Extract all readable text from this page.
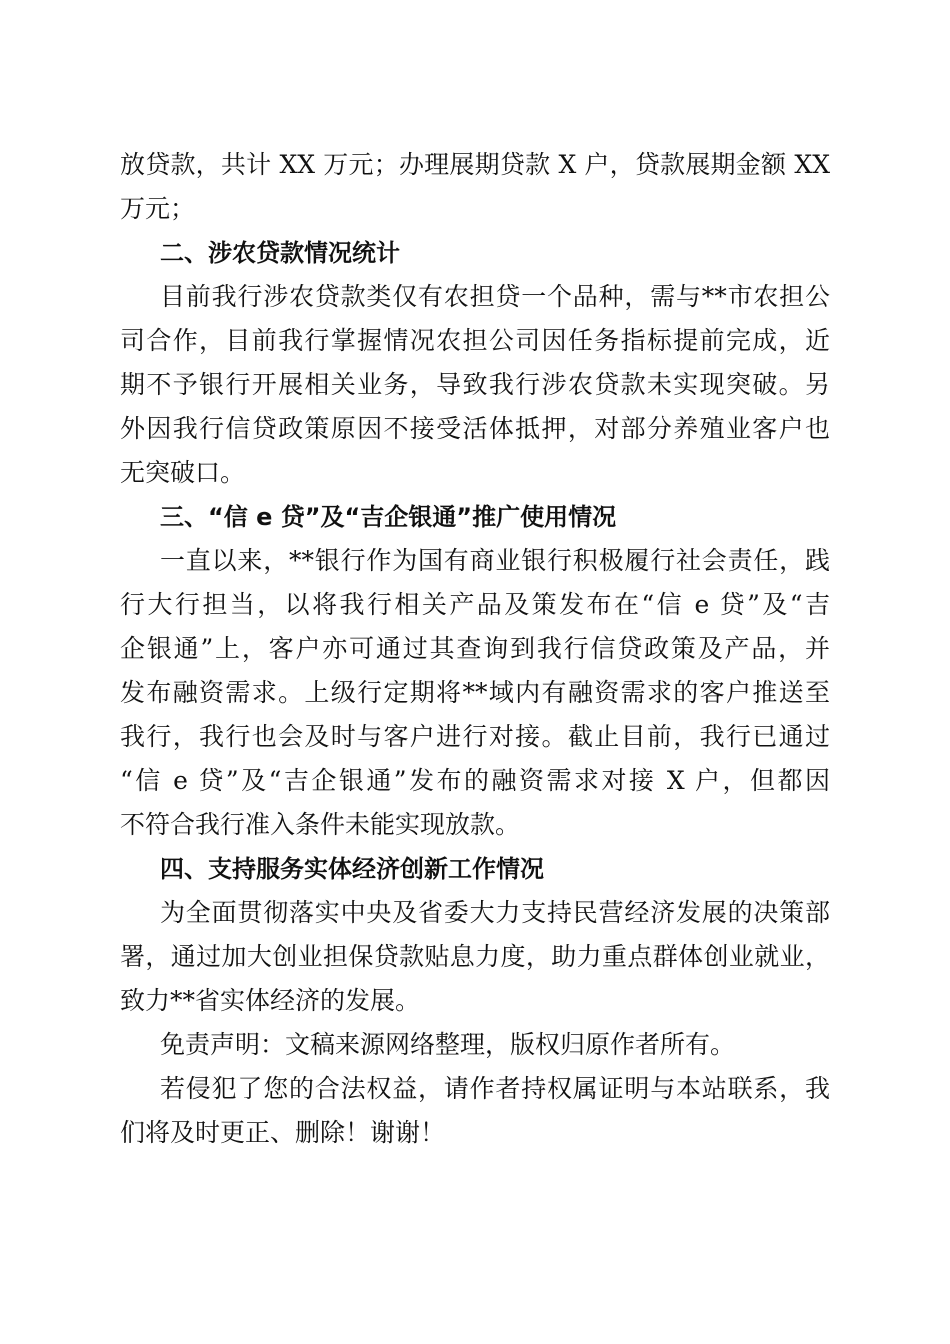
放贷款，共计 XX 万元；办理展期贷款 X 户，贷款展期金额 XX

万元；

二、涉农贷款情况统计

目前我行涉农贷款类仅有农担贷一个品种，需与**市农担公

司合作，目前我行掌握情况农担公司因任务指标提前完成，近

期不予银行开展相关业务，导致我行涉农贷款未实现突破。另

外因我行信贷政策原因不接受活体抵押，对部分养殖业客户也

无突破口。

三、“信 e 贷”及“吉企银通”推广使用情况

一直以来，**银行作为国有商业银行积极履行社会责任，践

行大行担当，以将我行相关产品及策发布在“信 e 贷”及“吉

企银通”上，客户亦可通过其查询到我行信贷政策及产品，并

发布融资需求。上级行定期将**域内有融资需求的客户推送至

我行，我行也会及时与客户进行对接。截止目前，我行已通过

“信 e 贷”及“吉企银通”发布的融资需求对接 X 户，但都因

不符合我行准入条件未能实现放款。

四、支持服务实体经济创新工作情况

为全面贯彻落实中央及省委大力支持民营经济发展的决策部

署，通过加大创业担保贷款贴息力度，助力重点群体创业就业，

致力**省实体经济的发展。

免责声明：文稿来源网络整理，版权归原作者所有。

若侵犯了您的合法权益，请作者持权属证明与本站联系，我

们将及时更正、删除！谢谢！
